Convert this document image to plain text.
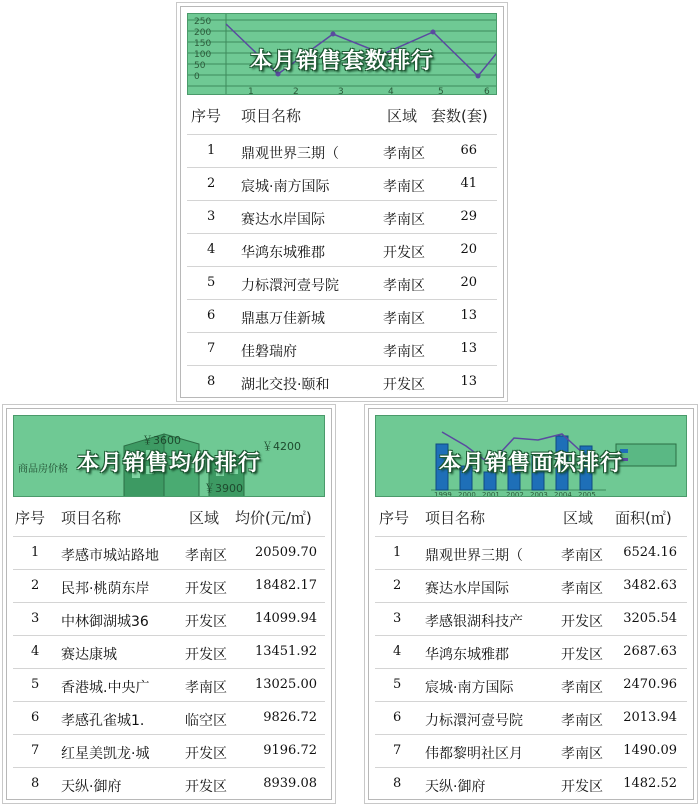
250
200
150
100
50
0
1	2	3	4	5	6
本月销售套数排行
序号 项目名称	区域 套数(套)
1 鼎观世界三期（	孝南区	66
2 宸城·南方国际	孝南区	41
3 赛达水岸国际	孝南区	29
4 华鸿东城雅郡	开发区	20
5 力标澴河壹号院	孝南区	20
6 鼎惠万佳新城	孝南区	13
7 佳磐瑞府	孝南区	13
8 湖北交投·颐和	开发区	13
商品房价格
￥3600	￥4200
￥3900
本月销售均价排行
序号 项目名称	区域 均价(元/㎡)
1 孝感市城站路地 孝南区 20509.70
2 民邦·桃荫东岸	开发区 18482.17
3 中林御湖城36	开发区 14099.94
4 赛达康城	开发区 13451.92
5 香港城.中央广	孝南区 13025.00
6 孝感孔雀城1.	临空区	9826.72
7 红星美凯龙·城	开发区	9196.72
8 天纵·御府	开发区	8939.08
1999 2000 2001 2002 2003 2004 2005
本月销售面积排行
序号 项目名称	区域 面积(㎡)
1 鼎观世界三期（	孝南区 6524.16
2 赛达水岸国际	孝南区 3482.63
3 孝感银湖科技产	开发区 3205.54
4 华鸿东城雅郡	开发区 2687.63
5 宸城·南方国际	孝南区 2470.96
6 力标澴河壹号院	孝南区 2013.94
7 伟都黎明社区月	孝南区 1490.09
8 天纵·御府	开发区 1482.52
